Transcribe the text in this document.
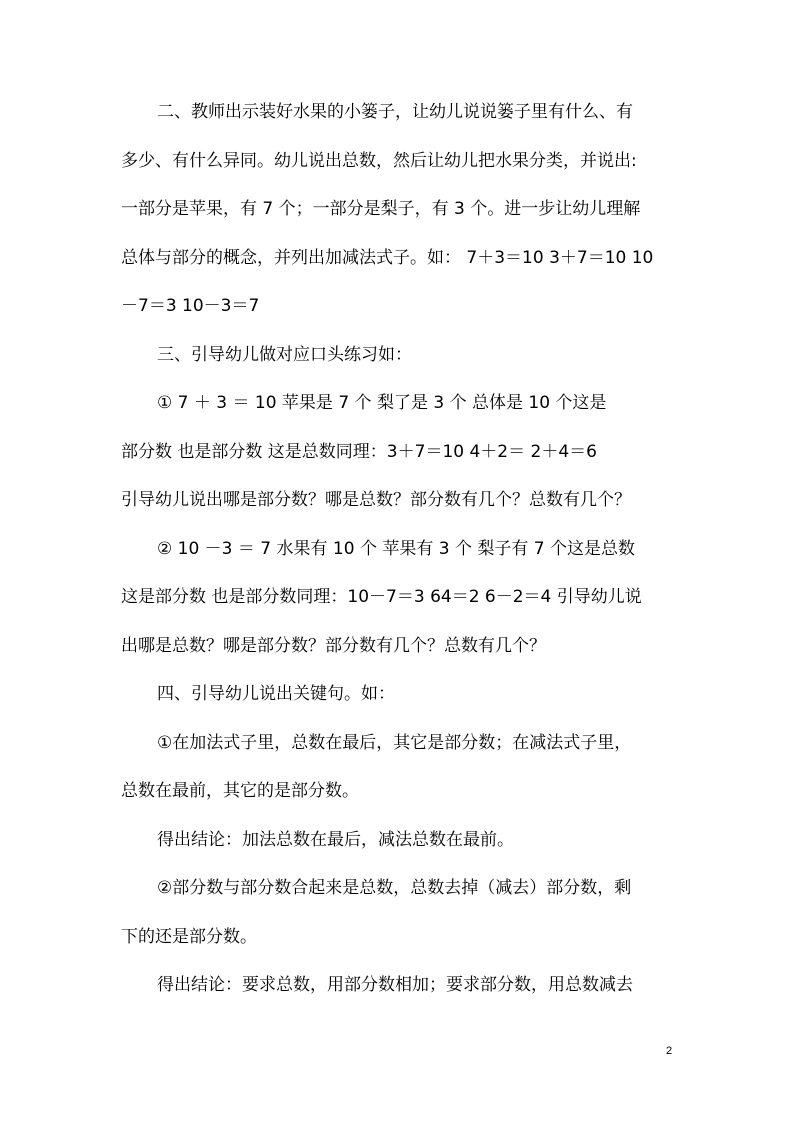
二、教师出示装好水果的小篓子，让幼儿说说篓子里有什么、有
多少、有什么异同。幼儿说出总数，然后让幼儿把水果分类，并说出:
一部分是苹果，有 7 个；一部分是梨子，有 3 个。进一步让幼儿理解
总体与部分的概念，并列出加减法式子。如： 7＋3＝10 3＋7＝10 10
－7＝3 10－3＝7
三、引导幼儿做对应口头练习如：
① 7 ＋ 3 ＝ 10 苹果是 7 个 梨了是 3 个 总体是 10 个这是
部分数 也是部分数 这是总数同理：3＋7＝10 4＋2＝ 2＋4＝6
引导幼儿说出哪是部分数？哪是总数？部分数有几个？总数有几个？
② 10 －3 ＝ 7 水果有 10 个 苹果有 3 个 梨子有 7 个这是总数
这是部分数 也是部分数同理：10－7＝3 64＝2 6－2＝4 引导幼儿说
出哪是总数？哪是部分数？部分数有几个？总数有几个？
四、引导幼儿说出关键句。如：
①在加法式子里，总数在最后，其它是部分数；在减法式子里，
总数在最前，其它的是部分数。
得出结论：加法总数在最后，减法总数在最前。
②部分数与部分数合起来是总数，总数去掉（减去）部分数，剩
下的还是部分数。
得出结论：要求总数，用部分数相加；要求部分数，用总数减去
2
